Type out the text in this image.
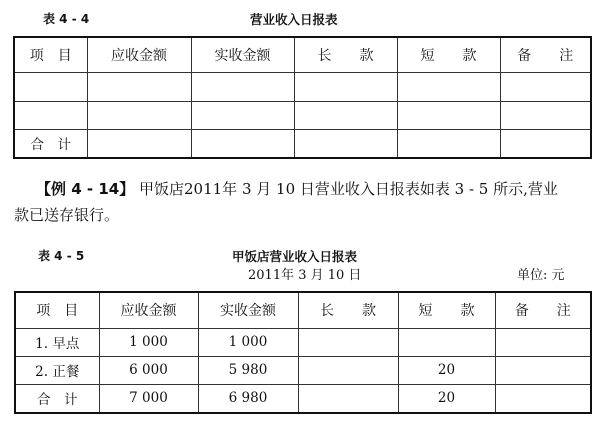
表 4 - 4	营业收入日报表
项　目	应收金额	实收金额	长　　款	短　　款	备　　注

合　计					
【例 4 - 14】 甲饭店2011年 3 月 10 日营业收入日报表如表 3 - 5 所示,营业
款已送存银行。
表 4 - 5	甲饭店营业收入日报表
2011年 3 月 10 日	单位: 元
项　目	应收金额	实收金额	长　　款	短　　款	备　　注
1. 早点	1 000	1 000			
2. 正餐	6 000	5 980		20	
合　计	7 000	6 980		20	
